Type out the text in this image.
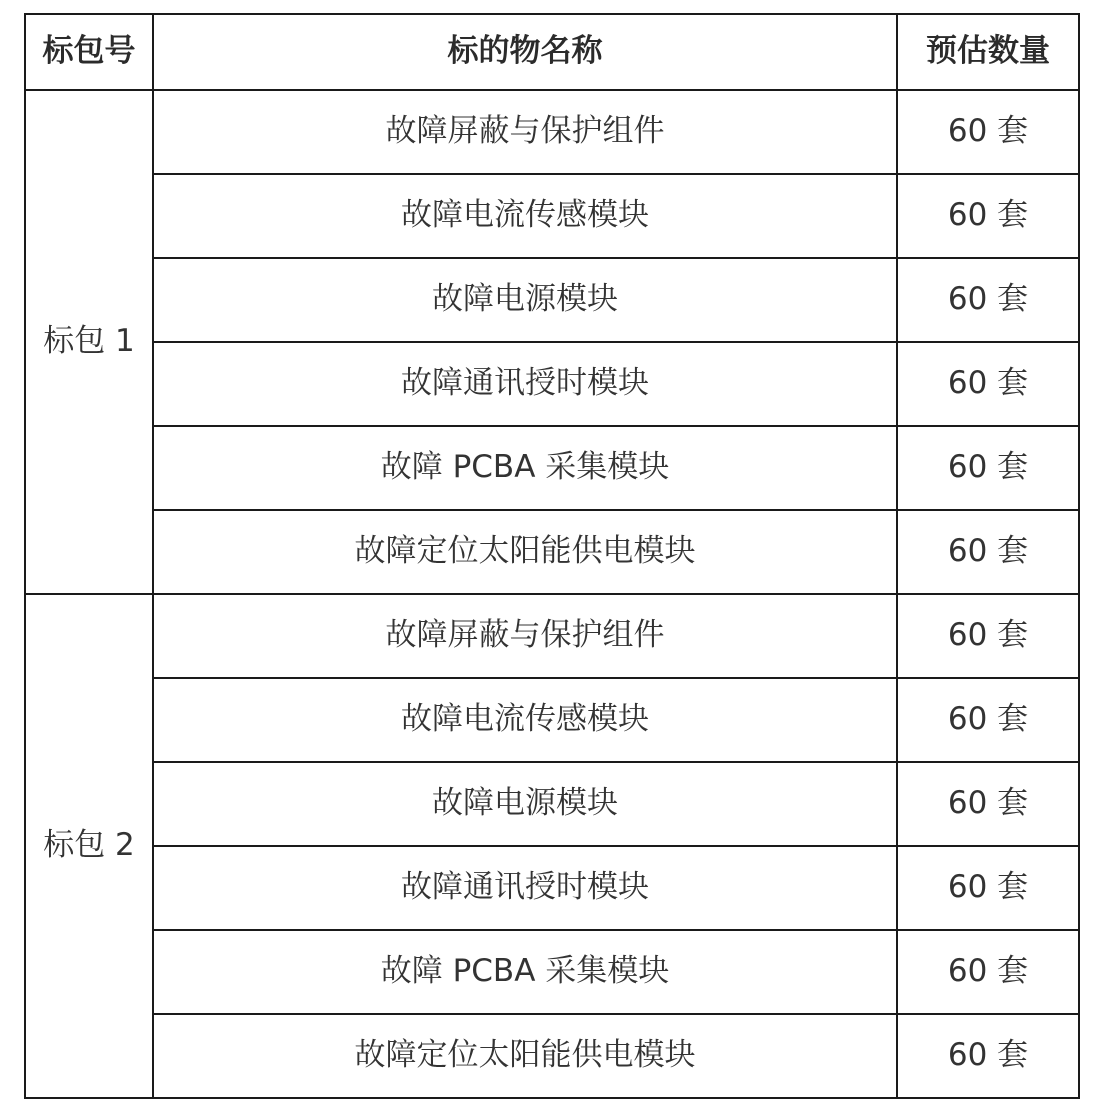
标包号	标的物名称	预估数量
标包 1	故障屏蔽与保护组件	60 套
	故障电流传感模块	60 套
	故障电源模块	60 套
	故障通讯授时模块	60 套
	故障 PCBA 采集模块	60 套
	故障定位太阳能供电模块	60 套
标包 2	故障屏蔽与保护组件	60 套
	故障电流传感模块	60 套
	故障电源模块	60 套
	故障通讯授时模块	60 套
	故障 PCBA 采集模块	60 套
	故障定位太阳能供电模块	60 套
